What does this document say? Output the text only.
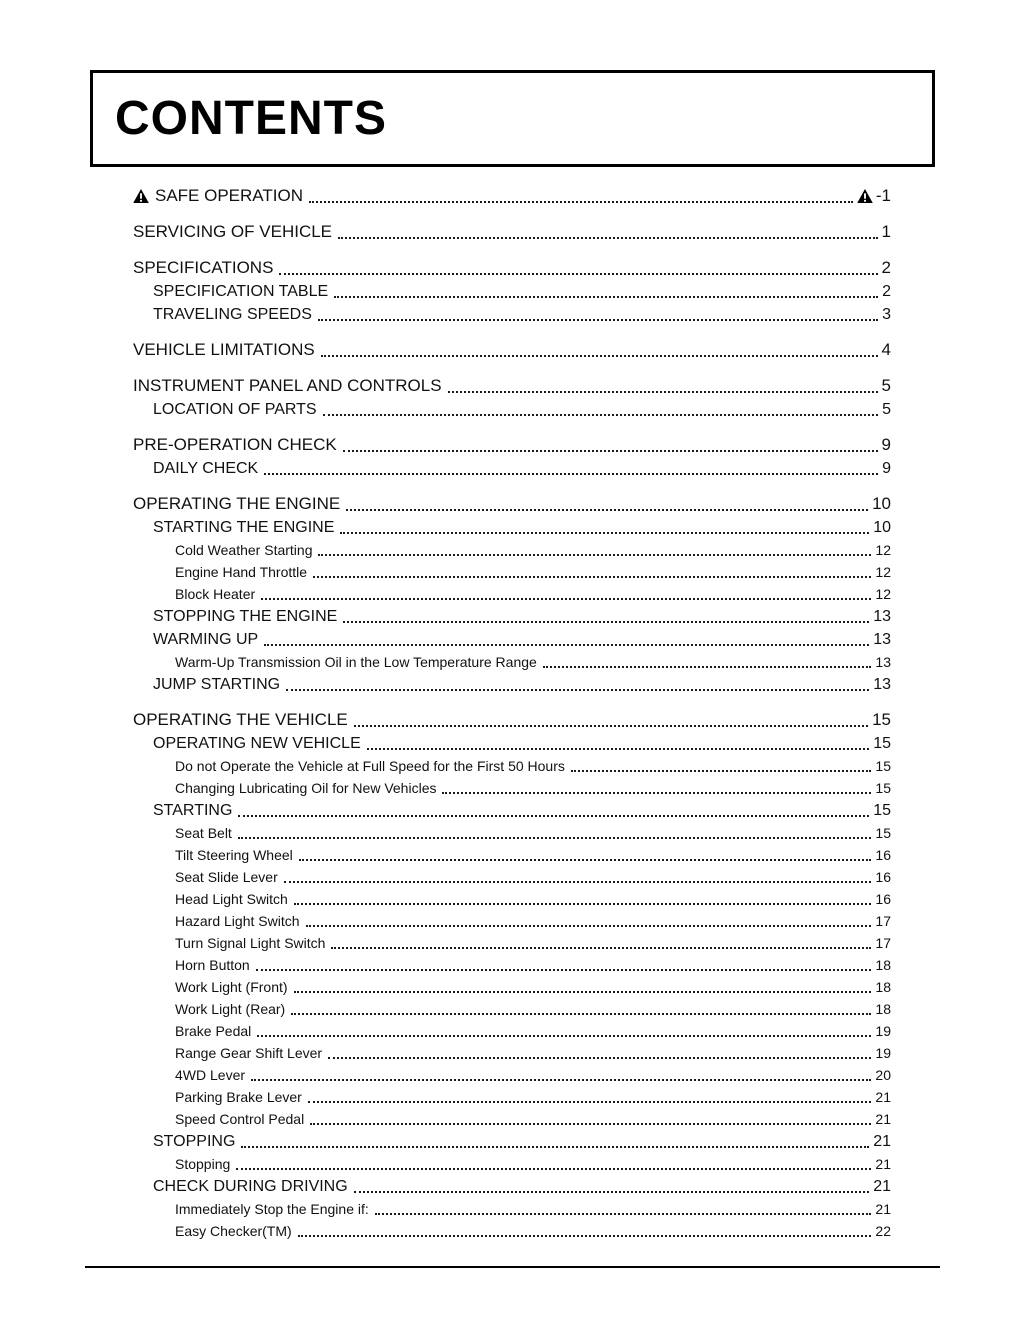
CONTENTS
SAFE OPERATION	-1
SERVICING OF VEHICLE	1
SPECIFICATIONS	2
SPECIFICATION TABLE	2
TRAVELING SPEEDS	3
VEHICLE LIMITATIONS	4
INSTRUMENT PANEL AND CONTROLS	5
LOCATION OF PARTS	5
PRE-OPERATION CHECK	9
DAILY CHECK	9
OPERATING THE ENGINE	10
STARTING THE ENGINE	10
Cold Weather Starting	12
Engine Hand Throttle	12
Block Heater	12
STOPPING THE ENGINE	13
WARMING UP	13
Warm-Up Transmission Oil in the Low Temperature Range	13
JUMP STARTING	13
OPERATING THE VEHICLE	15
OPERATING NEW VEHICLE	15
Do not Operate the Vehicle at Full Speed for the First 50 Hours	15
Changing Lubricating Oil for New Vehicles	15
STARTING	15
Seat Belt	15
Tilt Steering Wheel	16
Seat Slide Lever	16
Head Light Switch	16
Hazard Light Switch	17
Turn Signal Light Switch	17
Horn Button	18
Work Light (Front)	18
Work Light (Rear)	18
Brake Pedal	19
Range Gear Shift Lever	19
4WD Lever	20
Parking Brake Lever	21
Speed Control Pedal	21
STOPPING	21
Stopping	21
CHECK DURING DRIVING	21
Immediately Stop the Engine if:	21
Easy Checker(TM)	22
